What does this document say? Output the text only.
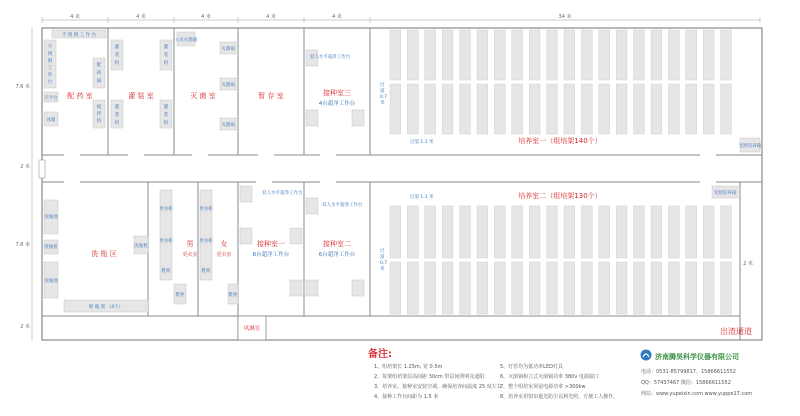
4 米	4 米	4 米	4 米	4 米	34 米
7.6 米
2 米
7.6 米
2 米
2 米
不 锈 钢 工 作 台
不
锈
钢
工
作
台
天平台
冰箱
配
药
锅
搅
拌
机
配 药 室
灌
装
机
灌
装
机
灌
装
机
灌
装
机
灌 装 室
立式灭菌器
灭菌锅
灭菌锅
灭菌锅
灭 菌 室	暂 存 室
双人水平超净工作台
接种室三
4台超净工作台
过
道
0.7
米
过道 1.1 米	培养室一（组培架140个）
光照培养箱
洗瓶池
洗瓶机
洗瓶池
晾 瓶 架 （4个）
洗瓶机
洗 瓶 区
更衣柜
更衣柜
鞋柜
鞋柜
男
更衣室
更衣柜
更衣柜
鞋柜
鞋柜
女
更衣室
双人水平超净工作台
接种室一
6台超净工作台
双人水平超净工作台
接种室二
6台超净工作台
过道 1.1 米	培养室二（组培架130个）
过
道
0.7
米
光照培养箱
风淋室	出渣通道
备注:
1、组培架长 1.25m, 宽 0.5m
2、每架组培架层高间距 30cm 带层间照明及遮阳
3、培养室、接种室安装空调，确保培养间温度 25 度左右
4、接种工作台间距为 1.5 米
5、灯管均为低功率LED灯具
6、灭菌锅和立式灭菌锅功率 380v 电源接口
7、整个组培室预留电源功率 >300kw
8、培养室用窗帘遮光防尘以利光照，方便工人操作。
济南腾昊科学仪器有限公司
电话：0531-85799817、15866611552
QQ：57437467 微信：15866611552
网站：www.yupeixin.com www.yuppe17.com
